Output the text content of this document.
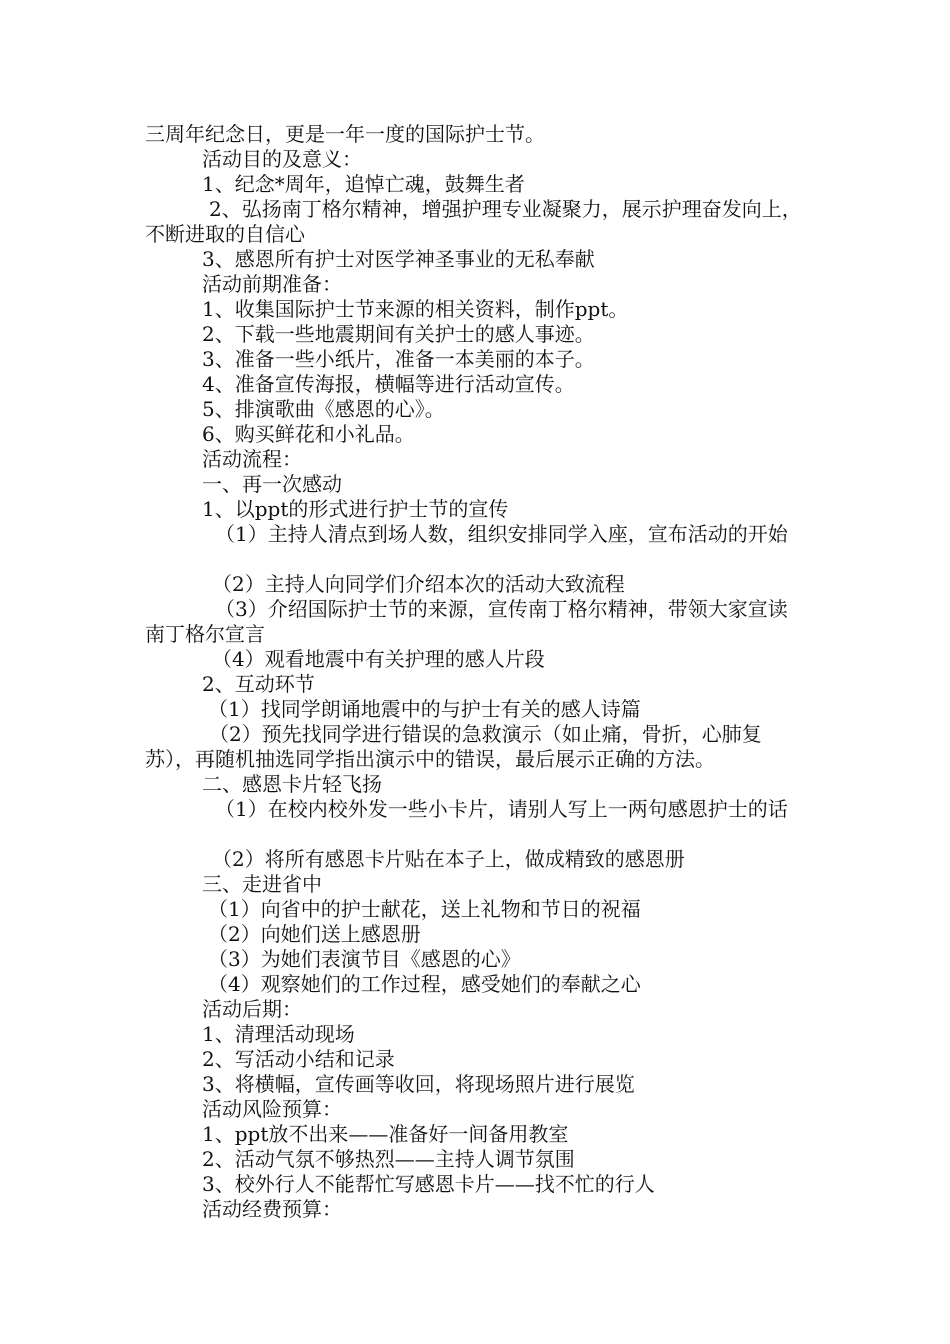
三周年纪念日，更是一年一度的国际护士节。

活动目的及意义：

1、纪念*周年，追悼亡魂，鼓舞生者

2、弘扬南丁格尔精神，增强护理专业凝聚力，展示护理奋发向上，不断进取的自信心

3、感恩所有护士对医学神圣事业的无私奉献

活动前期准备：

1、收集国际护士节来源的相关资料，制作ppt。

2、下载一些地震期间有关护士的感人事迹。

3、准备一些小纸片，准备一本美丽的本子。

4、准备宣传海报，横幅等进行活动宣传。

5、排演歌曲《感恩的心》。

6、购买鲜花和小礼品。

活动流程：

一、再一次感动

1、以ppt的形式进行护士节的宣传

（1）主持人清点到场人数，组织安排同学入座，宣布活动的开始

（2）主持人向同学们介绍本次的活动大致流程

（3）介绍国际护士节的来源，宣传南丁格尔精神，带领大家宣读南丁格尔宣言

（4）观看地震中有关护理的感人片段

2、互动环节

（1）找同学朗诵地震中的与护士有关的感人诗篇

（2）预先找同学进行错误的急救演示（如止痛，骨折，心肺复苏），再随机抽选同学指出演示中的错误，最后展示正确的方法。

二、感恩卡片轻飞扬

（1）在校内校外发一些小卡片，请别人写上一两句感恩护士的话

（2）将所有感恩卡片贴在本子上，做成精致的感恩册

三、走进省中

（1）向省中的护士献花，送上礼物和节日的祝福

（2）向她们送上感恩册

（3）为她们表演节目《感恩的心》

（4）观察她们的工作过程，感受她们的奉献之心

活动后期：

1、清理活动现场

2、写活动小结和记录

3、将横幅，宣传画等收回，将现场照片进行展览

活动风险预算：

1、ppt放不出来——准备好一间备用教室

2、活动气氛不够热烈——主持人调节氛围

3、校外行人不能帮忙写感恩卡片——找不忙的行人

活动经费预算：
